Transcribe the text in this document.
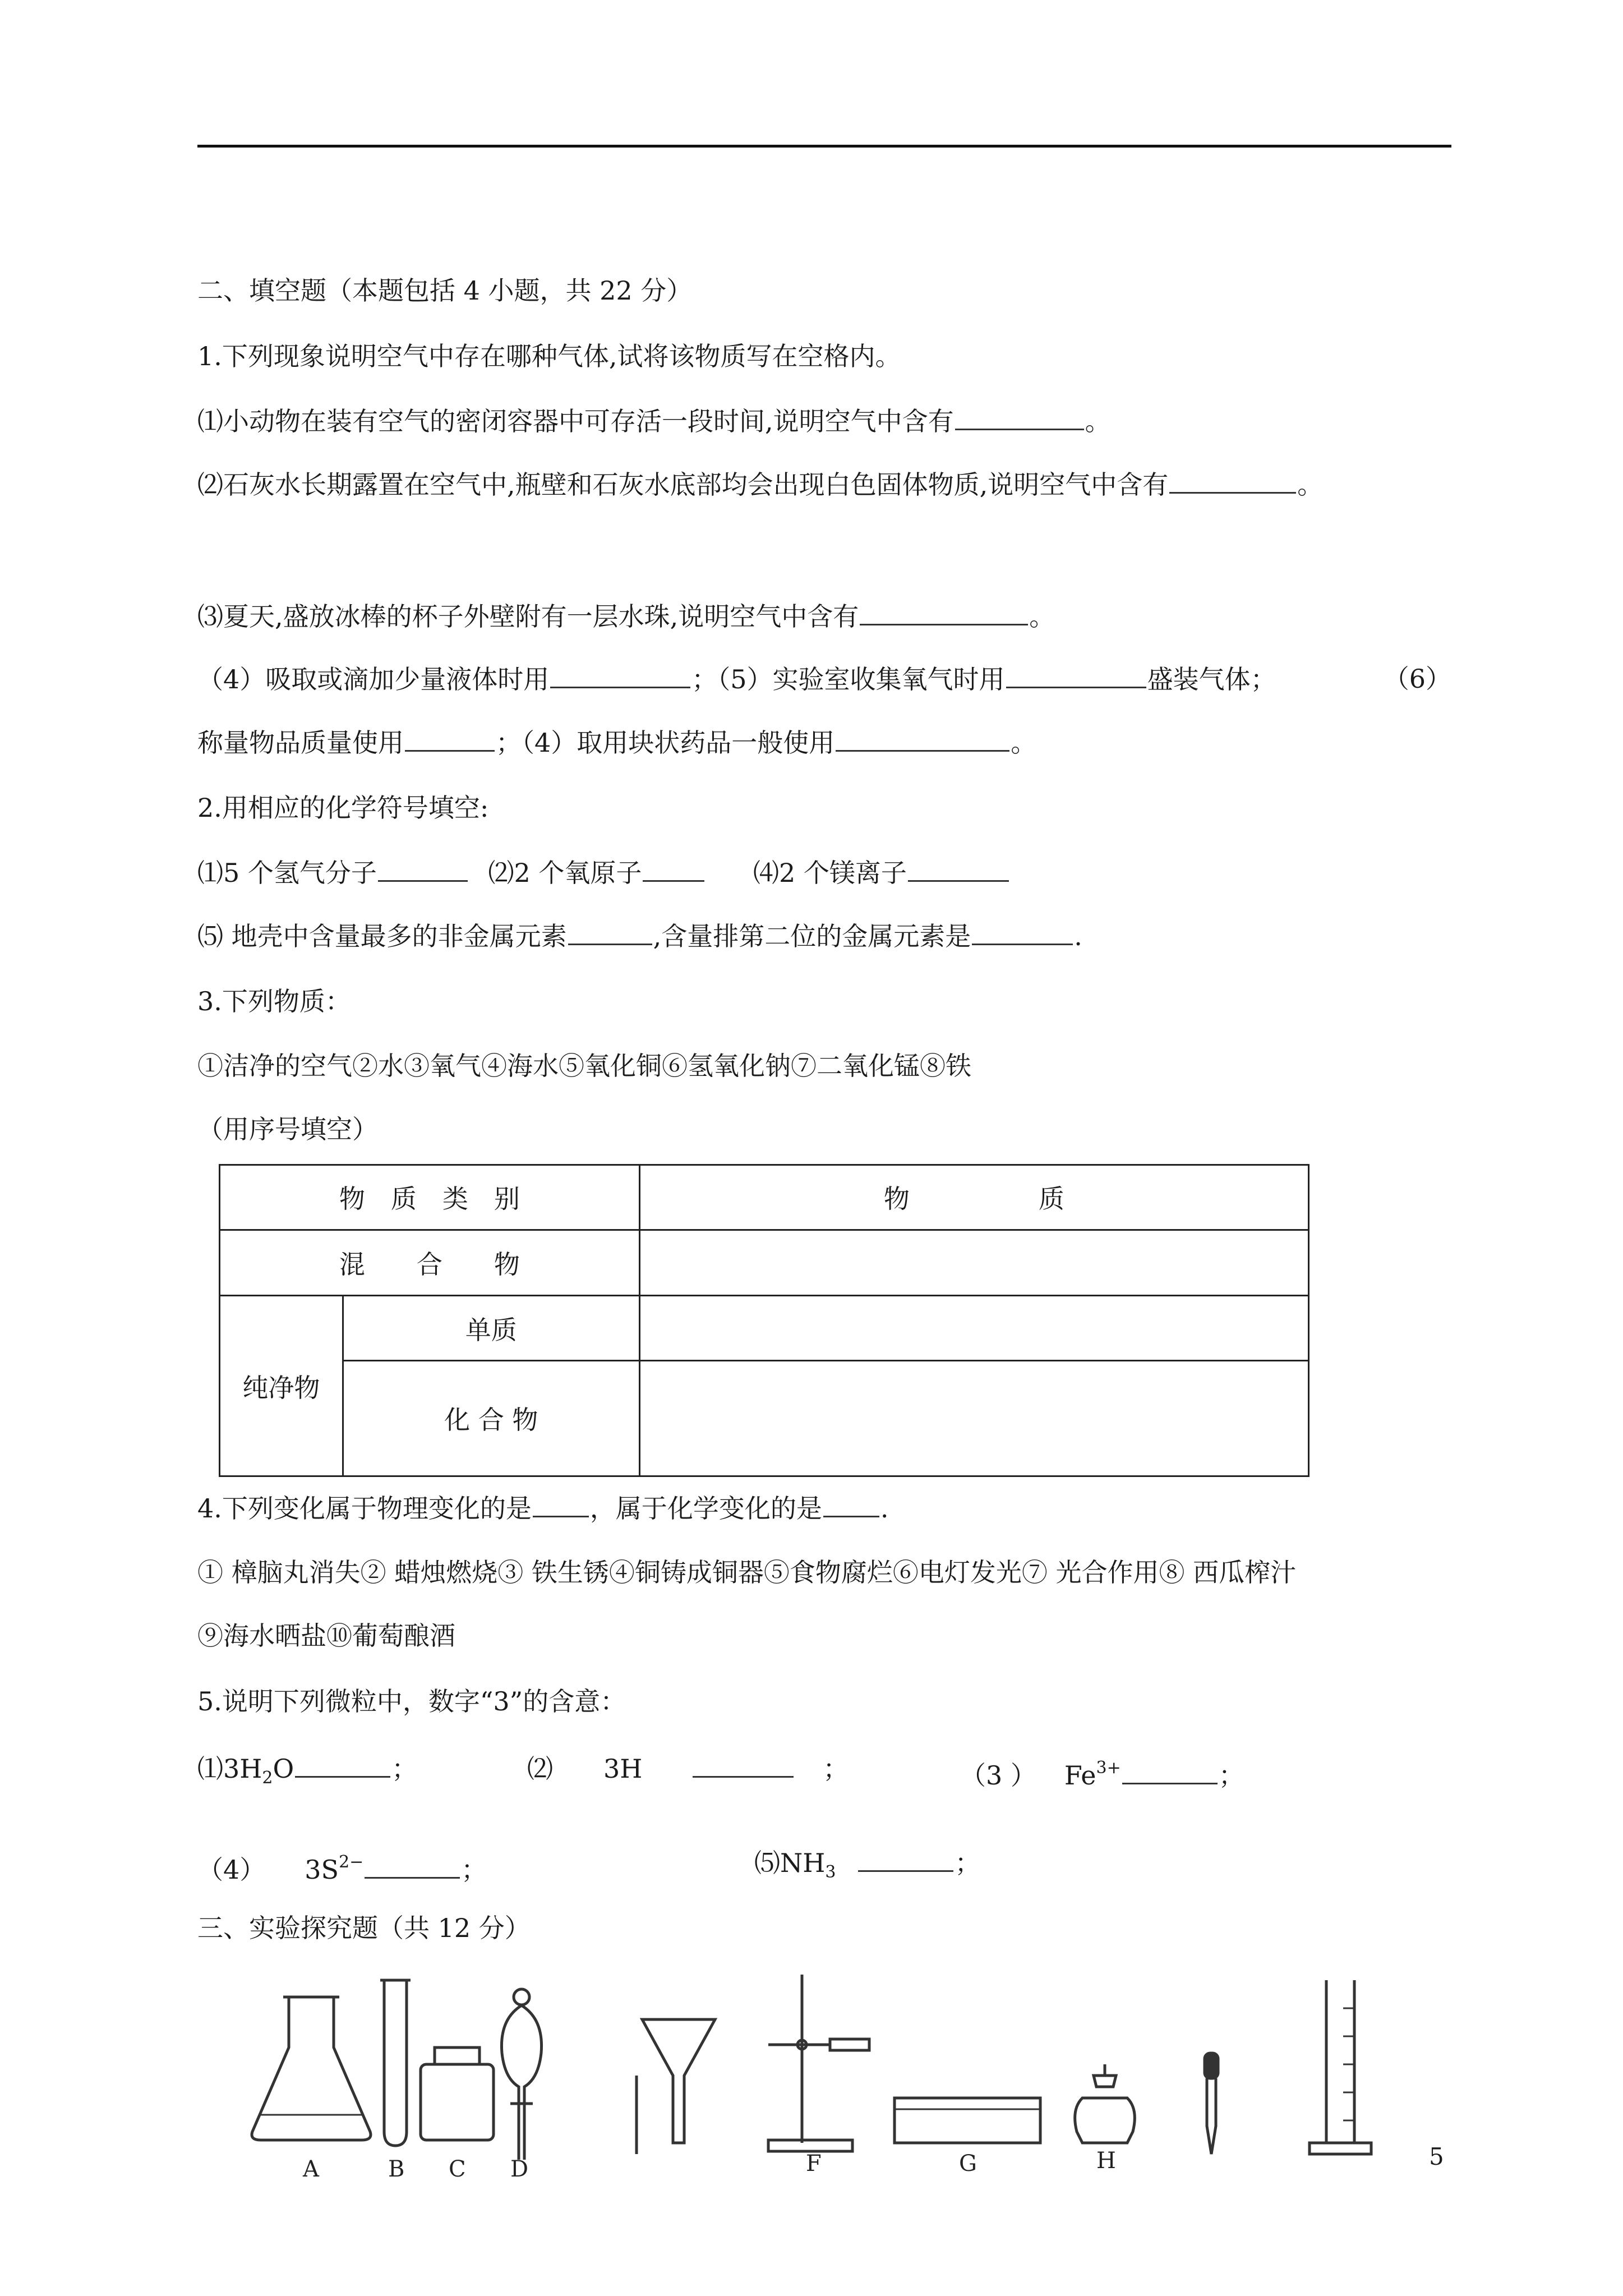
二、填空题（本题包括 4 小题，共 22 分）
1.下列现象说明空气中存在哪种气体,试将该物质写在空格内。
⑴小动物在装有空气的密闭容器中可存活一段时间,说明空气中含有	。
⑵石灰水长期露置在空气中,瓶壁和石灰水底部均会出现白色固体物质,说明空气中含有	。
⑶夏天,盛放冰棒的杯子外壁附有一层水珠,说明空气中含有	。
（4）吸取或滴加少量液体时用	；（5）实验室收集氧气时用	盛装气体；	（6）
称量物品质量使用	；（4）取用块状药品一般使用	。
2.用相应的化学符号填空:
⑴5 个氢气分子	⑵2 个氧原子	⑷2 个镁离子
⑸ 地壳中含量最多的非金属元素	,含量排第二位的金属元素是	.
3.下列物质：
①洁净的空气②水③氧气④海水⑤氧化铜⑥氢氧化钠⑦二氧化锰⑧铁
（用序号填空）
物　质　类　别		物　　　　　质
混　　合　　物		
纯净物	单质	
	化 合 物	
4.下列变化属于物理变化的是 ，属于化学变化的是 .
① 樟脑丸消失② 蜡烛燃烧③ 铁生锈④铜铸成铜器⑤食物腐烂⑥电灯发光⑦ 光合作用⑧ 西瓜榨汁
⑨海水晒盐⑩葡萄酿酒
5.说明下列微粒中，数字“3”的含意：
$⑴3H_2O$	；	⑵ 3H	；	（3 ） $Fe^{3+}$	；
（4） $3S^{2-}$	；	$⑸NH_3$	；
三、实验探究题（共 12 分）
A	B C D	F	G	H	5
